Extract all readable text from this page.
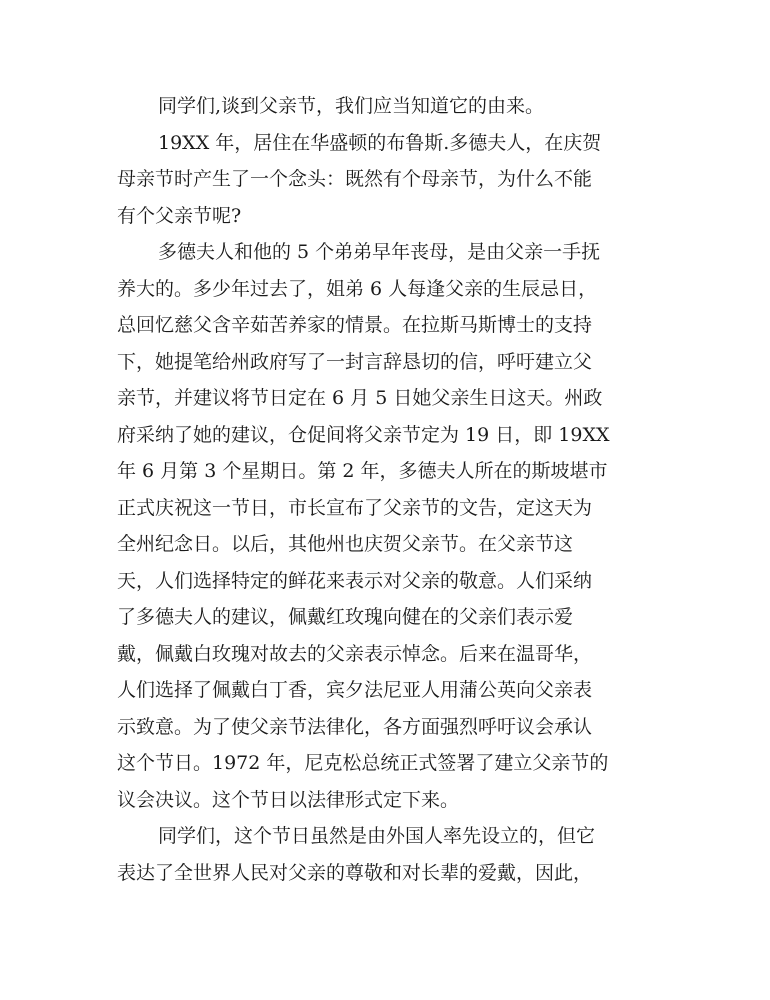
同学们,谈到父亲节，我们应当知道它的由来。
19XX 年，居住在华盛顿的布鲁斯.多德夫人，在庆贺
母亲节时产生了一个念头：既然有个母亲节，为什么不能
有个父亲节呢?
多德夫人和他的 5 个弟弟早年丧母，是由父亲一手抚
养大的。多少年过去了，姐弟 6 人每逢父亲的生辰忌日，
总回忆慈父含辛茹苦养家的情景。在拉斯马斯博士的支持
下，她提笔给州政府写了一封言辞恳切的信，呼吁建立父
亲节，并建议将节日定在 6 月 5 日她父亲生日这天。州政
府采纳了她的建议，仓促间将父亲节定为 19 日，即 19XX
年 6 月第 3 个星期日。第 2 年，多德夫人所在的斯坡堪市
正式庆祝这一节日，市长宣布了父亲节的文告，定这天为
全州纪念日。以后，其他州也庆贺父亲节。在父亲节这
天，人们选择特定的鲜花来表示对父亲的敬意。人们采纳
了多德夫人的建议，佩戴红玫瑰向健在的父亲们表示爱
戴，佩戴白玫瑰对故去的父亲表示悼念。后来在温哥华，
人们选择了佩戴白丁香，宾夕法尼亚人用蒲公英向父亲表
示致意。为了使父亲节法律化，各方面强烈呼吁议会承认
这个节日。1972 年，尼克松总统正式签署了建立父亲节的
议会决议。这个节日以法律形式定下来。
同学们，这个节日虽然是由外国人率先设立的，但它
表达了全世界人民对父亲的尊敬和对长辈的爱戴，因此，
